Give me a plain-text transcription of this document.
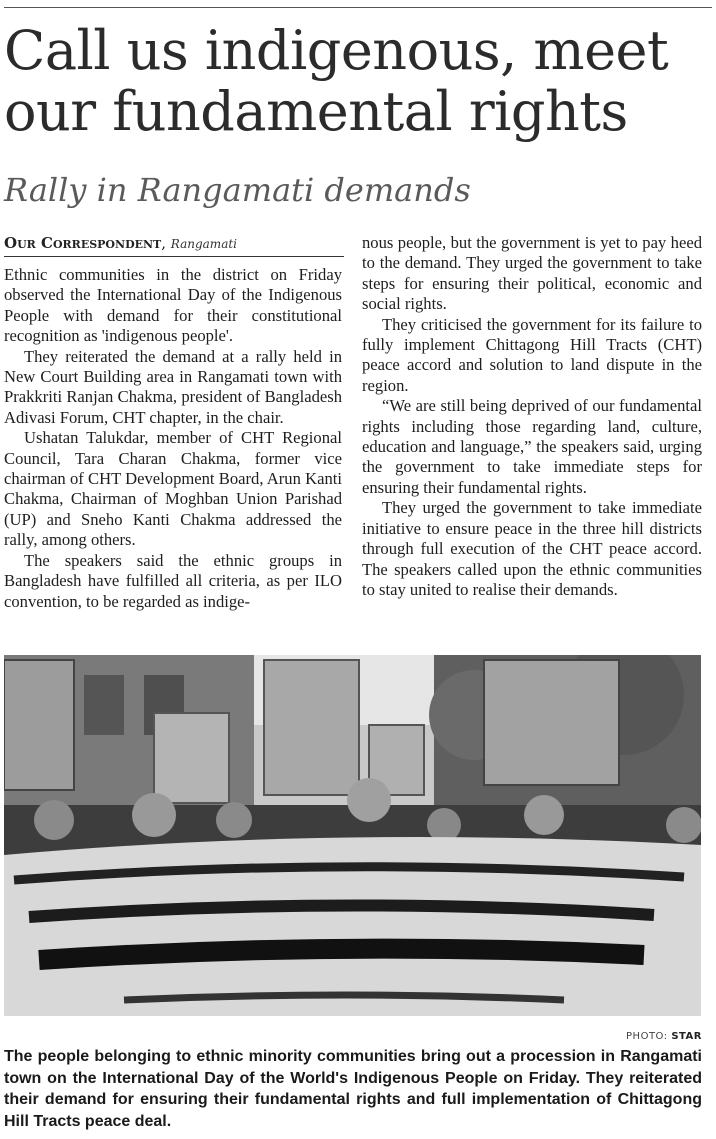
Call us indigenous, meet
our fundamental rights
Rally in Rangamati demands
Our Correspondent, Rangamati

Ethnic communities in the district on Friday observed the International Day of the Indigenous People with demand for their constitutional recognition as 'indigenous people'.

They reiterated the demand at a rally held in New Court Building area in Rangamati town with Prakkriti Ranjan Chakma, president of Bangladesh Adivasi Forum, CHT chapter, in the chair.

Ushatan Talukdar, member of CHT Regional Council, Tara Charan Chakma, former vice chairman of CHT Development Board, Arun Kanti Chakma, Chairman of Moghban Union Parishad (UP) and Sneho Kanti Chakma addressed the rally, among others.

The speakers said the ethnic groups in Bangladesh have fulfilled all criteria, as per ILO convention, to be regarded as indige-

nous people, but the government is yet to pay heed to the demand. They urged the government to take steps for ensuring their political, economic and social rights.

They criticised the government for its failure to fully implement Chittagong Hill Tracts (CHT) peace accord and solution to land dispute in the region.

“We are still being deprived of our fundamental rights including those regarding land, culture, education and language,” the speakers said, urging the government to take immediate steps for ensuring their fundamental rights.

They urged the government to take immediate initiative to ensure peace in the three hill districts through full execution of the CHT peace accord. The speakers called upon the ethnic communities to stay united to realise their demands.

PHOTO: STAR

The people belonging to ethnic minority communities bring out a procession in Rangamati town on the International Day of the World's Indigenous People on Friday. They reiterated their demand for ensuring their fundamental rights and full implementation of Chittagong Hill Tracts peace deal.
